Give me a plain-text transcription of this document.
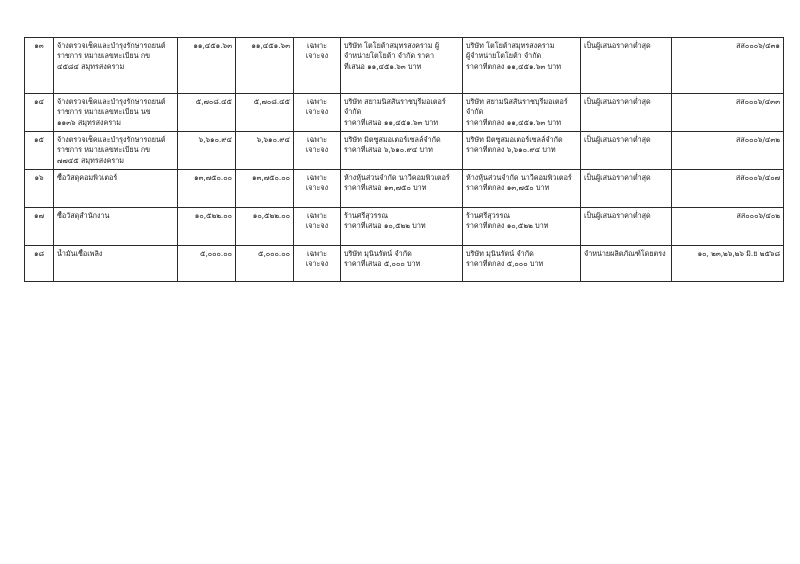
๑๓	จ้างตรวจเช็คและบำรุงรักษารถยนต์
ราชการ หมายเลขทะเบียน กข
๔๕๘๔ สมุทรสงคราม	๑๑,๔๕๑.๖๓	๑๑,๔๕๑.๖๓	เฉพาะเจาะจง	บริษัท โตโยต้าสมุทรสงคราม ผู้
จำหน่ายโตโยต้า จำกัด ราคา
ที่เสนอ ๑๑,๔๕๑.๖๓ บาท	บริษัท โตโยต้าสมุทรสงคราม
ผู้จำหน่ายโตโยต้า จำกัด
ราคาที่ตกลง ๑๑,๔๕๑.๖๓ บาท	เป็นผู้เสนอราคาต่ำสุด	สส๐๐๐๖/๔๓๑
๑๔	จ้างตรวจเช็คและบำรุงรักษารถยนต์
ราชการ หมายเลขทะเบียน นข
๑๑๓๖ สมุทรสงคราม	๕,๗๐๘.๔๕	๕,๗๐๘.๔๕	เฉพาะเจาะจง	บริษัท สยามนิสสันราชบุรีมอเตอร์
จำกัด
ราคาที่เสนอ ๑๑,๔๕๑.๖๓ บาท	บริษัท สยามนิสสันราชบุรีมอเตอร์
จำกัด
ราคาที่ตกลง ๑๑,๔๕๑.๖๓ บาท	เป็นผู้เสนอราคาต่ำสุด	สส๐๐๐๖/๔๓๓
๑๕	จ้างตรวจเช็คและบำรุงรักษารถยนต์
ราชการ หมายเลขทะเบียน กข
๗๗๔๕ สมุทรสงคราม	๖,๖๑๐.๙๔	๖,๖๑๐.๙๔	เฉพาะเจาะจง	บริษัท มิตซูสมอเตอร์เซลล์จำกัด
ราคาที่เสนอ ๖,๖๑๐.๙๔ บาท	บริษัท มิตซูสมอเตอร์เซลล์จำกัด
ราคาที่ตกลง ๖,๖๑๐.๙๔ บาท	เป็นผู้เสนอราคาต่ำสุด	สส๐๐๐๖/๔๓๒
๑๖	ซื้อวัสดุคอมพิวเตอร์	๑๓,๗๕๐.๐๐	๑๓,๗๕๐.๐๐	เฉพาะเจาะจง	ห้างหุ้นส่วนจำกัด นาวีคอมพิวเตอร์
ราคาที่เสนอ ๑๓,๗๕๐ บาท	ห้างหุ้นส่วนจำกัด นาวีคอมพิวเตอร์
ราคาที่ตกลง ๑๓,๗๕๐ บาท	เป็นผู้เสนอราคาต่ำสุด	สส๐๐๐๖/๔๐๗
๑๗	ซื้อวัสดุสำนักงาน	๑๐,๕๒๒.๐๐	๑๐,๕๒๒.๐๐	เฉพาะเจาะจง	ร้านศรีสุวรรณ
ราคาที่เสนอ ๑๐,๕๒๒ บาท	ร้านศรีสุวรรณ
ราคาที่ตกลง ๑๐,๕๒๒ บาท	เป็นผู้เสนอราคาต่ำสุด	สส๐๐๐๖/๔๐๒
๑๘	น้ำมันเชื้อเพลิง	๕,๐๐๐.๐๐	๕,๐๐๐.๐๐	เฉพาะเจาะจง	บริษัท มุนินรัตน์ จำกัด
ราคาที่เสนอ ๕,๐๐๐ บาท	บริษัท มุนินรัตน์ จำกัด
ราคาที่ตกลง ๕,๐๐๐ บาท	จำหน่ายผลิตภัณฑ์โดยตรง	๑๐, ๒๓,๒๖,๒๖ มิ.ย ๒๕๖๘
